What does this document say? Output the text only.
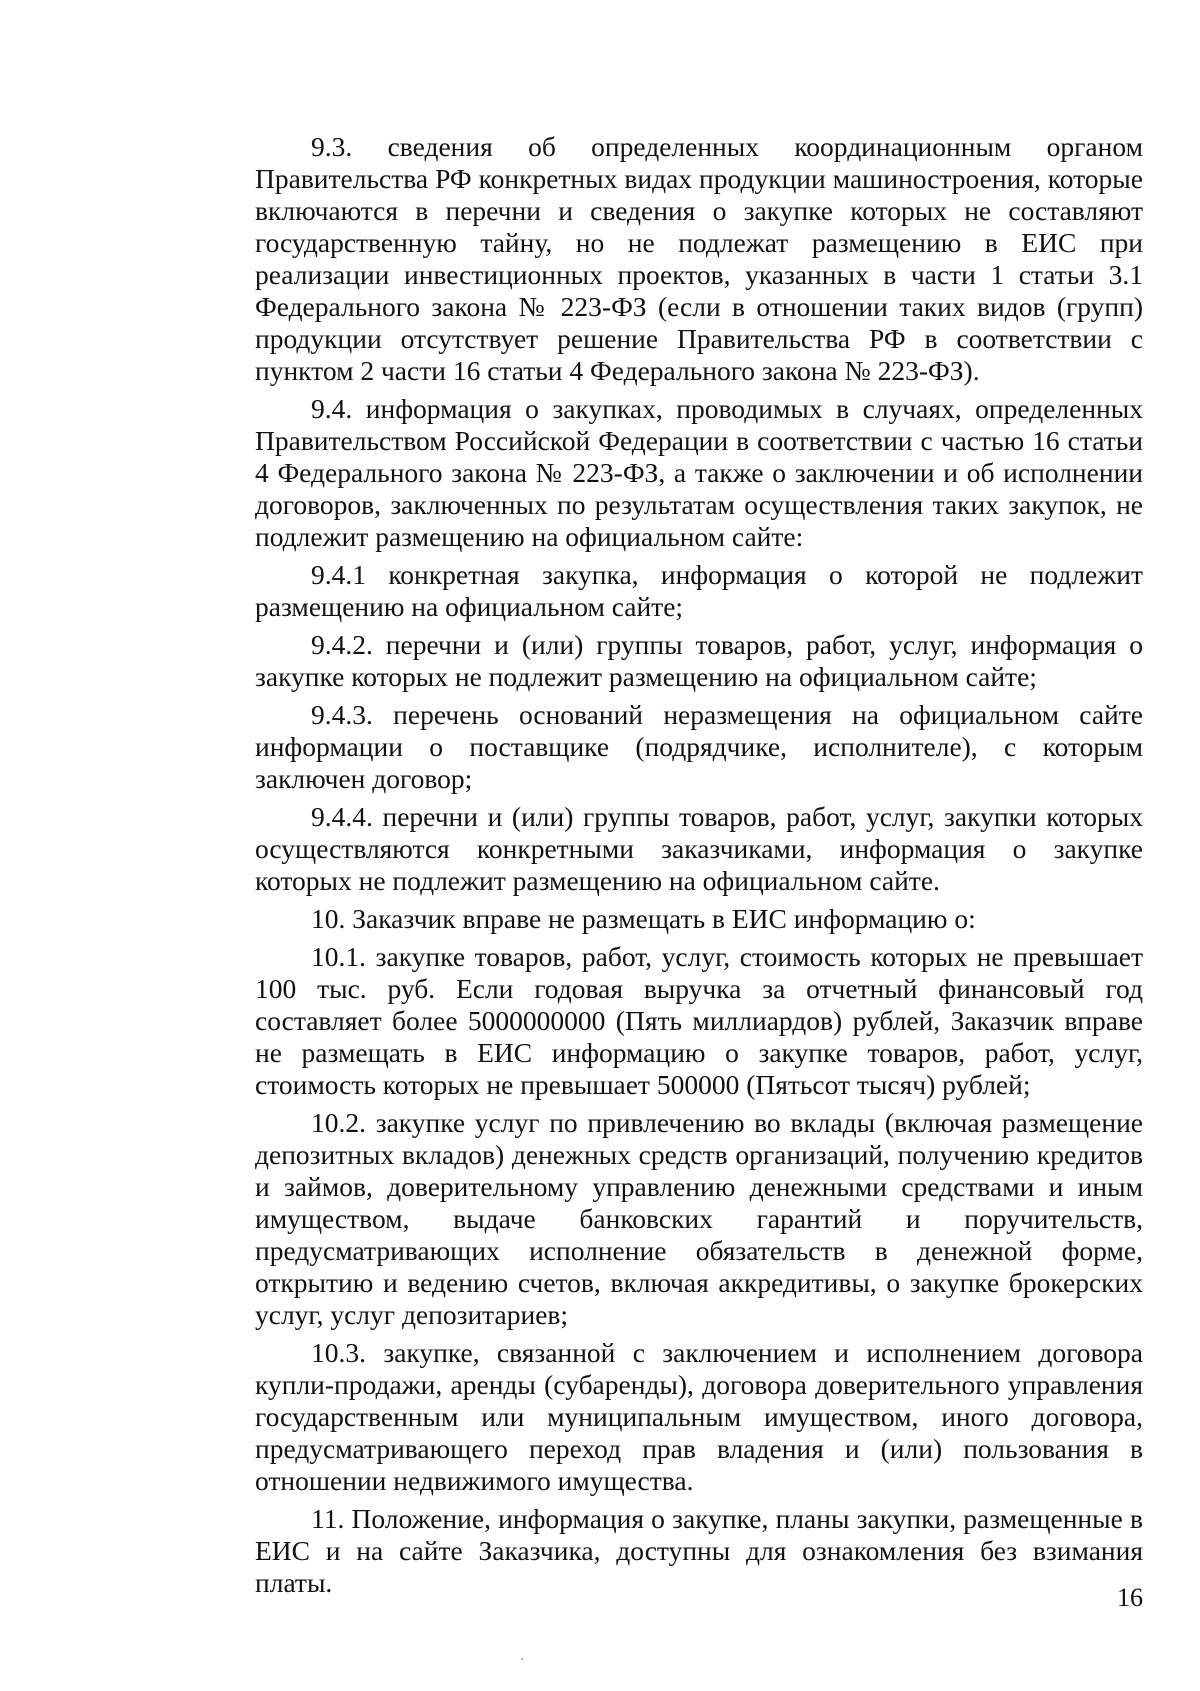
9.3. сведения об определенных координационным органом Правительства РФ конкретных видах продукции машиностроения, которые включаются в перечни и сведения о закупке которых не составляют государственную тайну, но не подлежат размещению в ЕИС при реализации инвестиционных проектов, указанных в части 1 статьи 3.1 Федерального закона № 223-ФЗ (если в отношении таких видов (групп) продукции отсутствует решение Правительства РФ в соответствии с пунктом 2 части 16 статьи 4 Федерального закона № 223-ФЗ).

9.4. информация о закупках, проводимых в случаях, определенных Правительством Российской Федерации в соответствии с частью 16 статьи 4 Федерального закона № 223-ФЗ, а также о заключении и об исполнении договоров, заключенных по результатам осуществления таких закупок, не подлежит размещению на официальном сайте:

9.4.1 конкретная закупка, информация о которой не подлежит размещению на официальном сайте;

9.4.2. перечни и (или) группы товаров, работ, услуг, информация о закупке которых не подлежит размещению на официальном сайте;

9.4.3. перечень оснований неразмещения на официальном сайте информации о поставщике (подрядчике, исполнителе), с которым заключен договор;

9.4.4. перечни и (или) группы товаров, работ, услуг, закупки которых осуществляются конкретными заказчиками, информация о закупке которых не подлежит размещению на официальном сайте.

10. Заказчик вправе не размещать в ЕИС информацию о:

10.1. закупке товаров, работ, услуг, стоимость которых не превышает 100 тыс. руб. Если годовая выручка за отчетный финансовый год составляет более 5000000000 (Пять миллиардов) рублей, Заказчик вправе не размещать в ЕИС информацию о закупке товаров, работ, услуг, стоимость которых не превышает 500000 (Пятьсот тысяч) рублей;

10.2. закупке услуг по привлечению во вклады (включая размещение депозитных вкладов) денежных средств организаций, получению кредитов и займов, доверительному управлению денежными средствами и иным имуществом, выдаче банковских гарантий и поручительств, предусматривающих исполнение обязательств в денежной форме, открытию и ведению счетов, включая аккредитивы, о закупке брокерских услуг, услуг депозитариев;

10.3. закупке, связанной с заключением и исполнением договора купли-продажи, аренды (субаренды), договора доверительного управления государственным или муниципальным имуществом, иного договора, предусматривающего переход прав владения и (или) пользования в отношении недвижимого имущества.

11. Положение, информация о закупке, планы закупки, размещенные в ЕИС и на сайте Заказчика, доступны для ознакомления без взимания платы.	16
